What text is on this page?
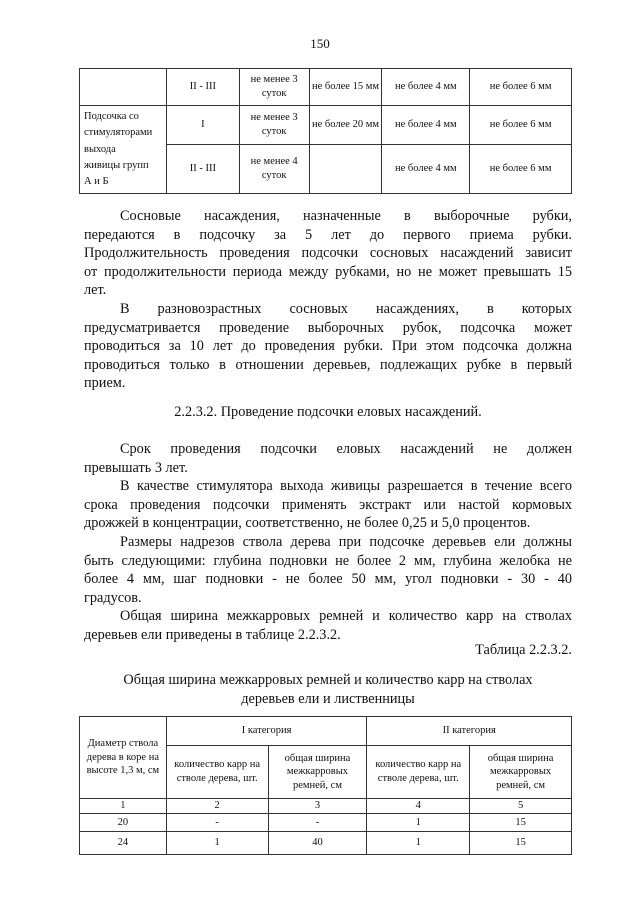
150
	II - III	не менее 3 суток	не более 15 мм	не более 4 мм	не более 6 мм
Подсочка со
стимуляторами
выхода
живицы групп
А и Б	I	не менее 3 суток	не более 20 мм	не более 4 мм	не более 6 мм
	II - III	не менее 4 суток		не более 4 мм	не более 6 мм
Сосновые насаждения, назначенные в выборочные рубки,
передаются в подсочку за 5 лет до первого приема рубки.
Продолжительность проведения подсочки сосновых насаждений зависит
от продолжительности периода между рубками, но не может превышать 15
лет.
В разновозрастных сосновых насаждениях, в которых
предусматривается проведение выборочных рубок, подсочка может
проводиться за 10 лет до проведения рубки. При этом подсочка должна
проводиться только в отношении деревьев, подлежащих рубке в первый
прием.
2.2.3.2. Проведение подсочки еловых насаждений.
Срок проведения подсочки еловых насаждений не должен
превышать 3 лет.
В качестве стимулятора выхода живицы разрешается в течение всего
срока проведения подсочки применять экстракт или настой кормовых
дрожжей в концентрации, соответственно, не более 0,25 и 5,0 процентов.
Размеры надрезов ствола дерева при подсочке деревьев ели должны
быть следующими: глубина подновки не более 2 мм, глубина желобка не
более 4 мм, шаг подновки - не более 50 мм, угол подновки - 30 - 40
градусов.
Общая ширина межкарровых ремней и количество карр на стволах
деревьев ели приведены в таблице 2.2.3.2.
Таблица 2.2.3.2.
Общая ширина межкарровых ремней и количество карр на стволах
деревьев ели и лиственницы
Диаметр ствола дерева в коре на высоте 1,3 м, см	I категория		II категория	
	количество карр на стволе дерева, шт.	общая ширина межкарровых ремней, см	количество карр на стволе дерева, шт.	общая ширина межкарровых ремней, см
1	2	3	4	5
20	-	-	1	15
24	1	40	1	15
